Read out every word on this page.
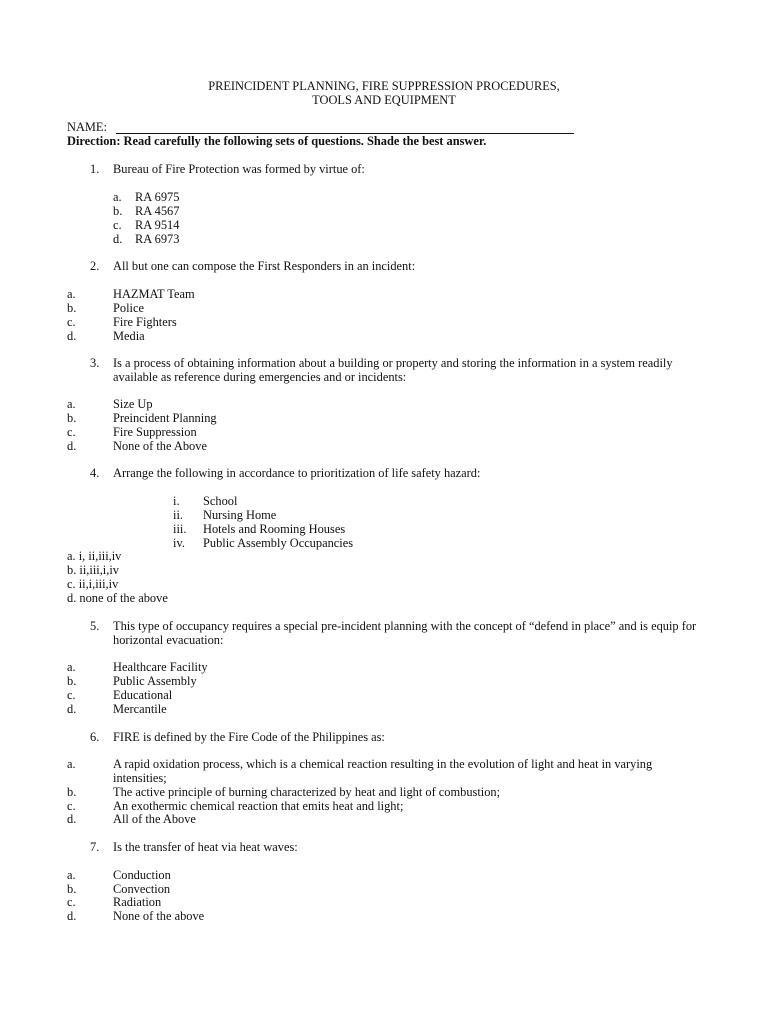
PREINCIDENT PLANNING, FIRE SUPPRESSION PROCEDURES,
TOOLS AND EQUIPMENT
NAME:
Direction: Read carefully the following sets of questions. Shade the best answer.
1. Bureau of Fire Protection was formed by virtue of:
a. RA 6975
b. RA 4567
c. RA 9514
d. RA 6973
2. All but one can compose the First Responders in an incident:
a.	HAZMAT Team
b.	Police
c.	Fire Fighters
d.	Media
3. Is a process of obtaining information about a building or property and storing the information in a system readily available as reference during emergencies and or incidents:
a.	Size Up
b.	Preincident Planning
c.	Fire Suppression
d.	None of the Above
4. Arrange the following in accordance to prioritization of life safety hazard:
i. School
ii. Nursing Home
iii. Hotels and Rooming Houses
iv. Public Assembly Occupancies
a. i, ii,iii,iv
b. ii,iii,i,iv
c. ii,i,iii,iv
d. none of the above
5. This type of occupancy requires a special pre-incident planning with the concept of “defend in place” and is equip for horizontal evacuation:
a.	Healthcare Facility
b.	Public Assembly
c.	Educational
d.	Mercantile
6. FIRE is defined by the Fire Code of the Philippines as:
a.	A rapid oxidation process, which is a chemical reaction resulting in the evolution of light and heat in varying intensities;
b.	The active principle of burning characterized by heat and light of combustion;
c.	An exothermic chemical reaction that emits heat and light;
d.	All of the Above
7. Is the transfer of heat via heat waves:
a.	Conduction
b.	Convection
c.	Radiation
d.	None of the above
